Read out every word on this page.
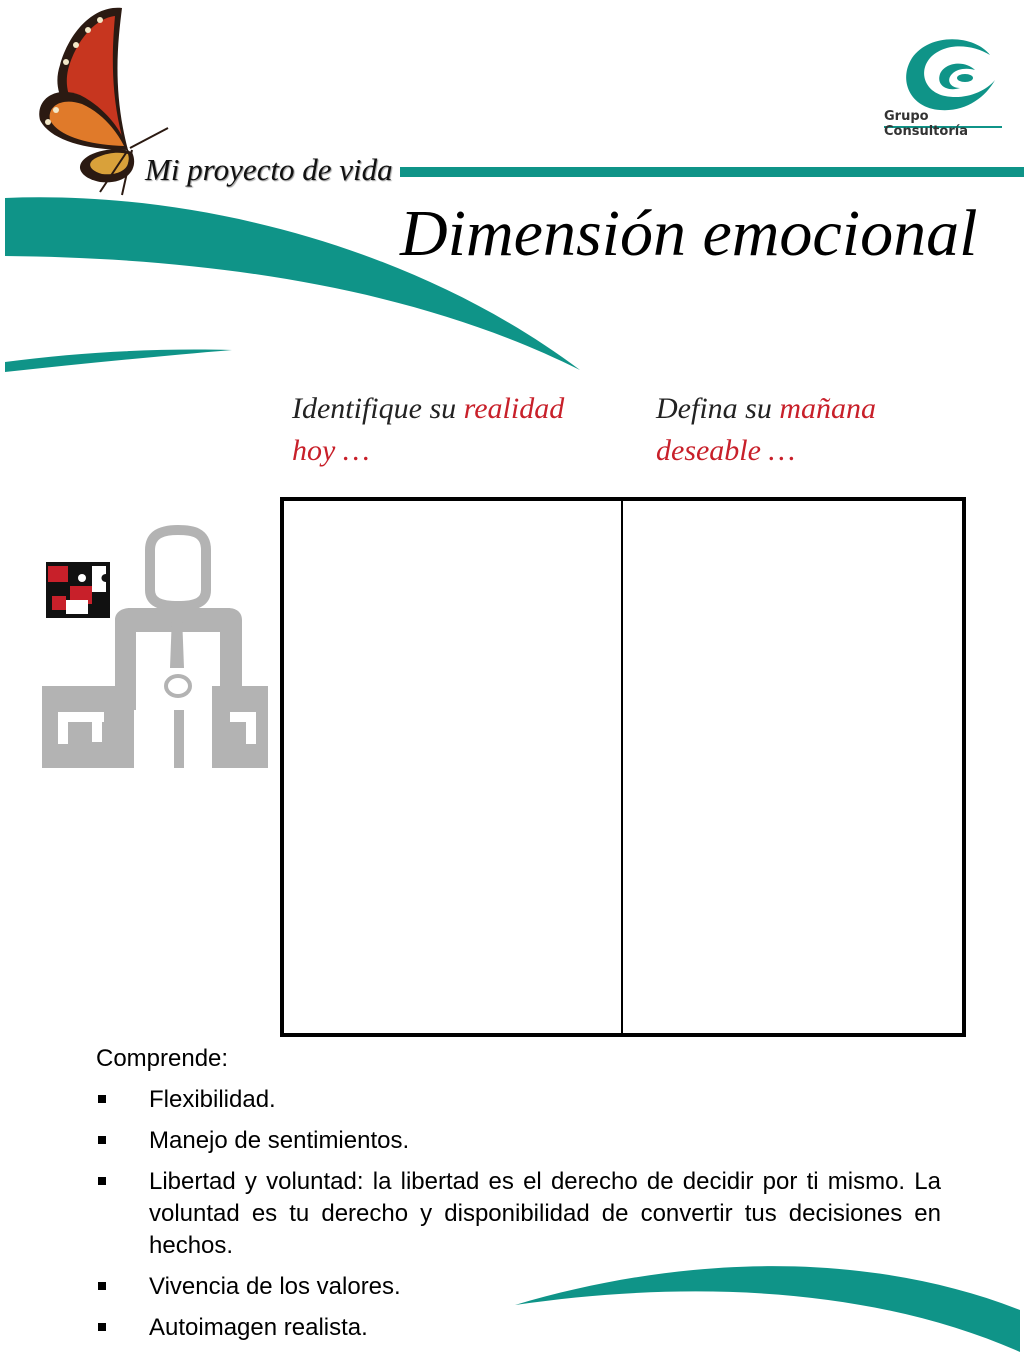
Mi proyecto de vida
Dimensión emocional
Grupo
Consultoría
Identifique su realidad
hoy …
Defina su mañana
deseable …
Comprende:
Flexibilidad.
Manejo de sentimientos.
Libertad y voluntad: la libertad es el derecho de decidir por ti mismo. La voluntad es tu derecho y disponibilidad de convertir tus decisiones en hechos.
Vivencia de los valores.
Autoimagen realista.
